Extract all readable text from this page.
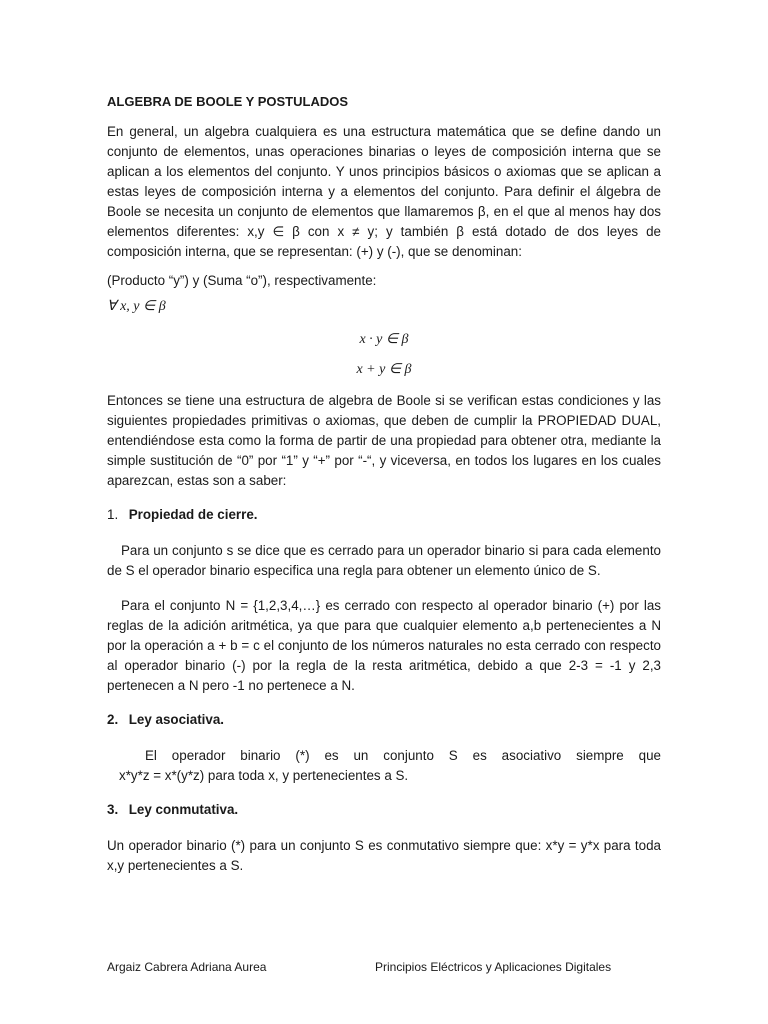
ALGEBRA DE BOOLE Y POSTULADOS

En general, un algebra cualquiera es una estructura matemática que se define dando un conjunto de elementos, unas operaciones binarias o leyes de composición interna que se aplican a los elementos del conjunto. Y unos principios básicos o axiomas que se aplican a estas leyes de composición interna y a elementos del conjunto. Para definir el álgebra de Boole se necesita un conjunto de elementos que llamaremos β, en el que al menos hay dos elementos diferentes: x,y ∈ β con x ≠ y; y también β está dotado de dos leyes de composición interna, que se representan: (+) y (-), que se denominan:

(Producto “y”) y (Suma “o”), respectivamente:

∀ x, y ∈ β
x · y ∈ β
x + y ∈ β

Entonces se tiene una estructura de algebra de Boole si se verifican estas condiciones y las siguientes propiedades primitivas o axiomas, que deben de cumplir la PROPIEDAD DUAL, entendiéndose esta como la forma de partir de una propiedad para obtener otra, mediante la simple sustitución de “0” por “1” y “+” por “-“, y viceversa, en todos los lugares en los cuales aparezcan, estas son a saber:

1. Propiedad de cierre.

Para un conjunto s se dice que es cerrado para un operador binario si para cada elemento de S el operador binario especifica una regla para obtener un elemento único de S.

Para el conjunto N = {1,2,3,4,…} es cerrado con respecto al operador binario (+) por las reglas de la adición aritmética, ya que para que cualquier elemento a,b pertenecientes a N por la operación a + b = c el conjunto de los números naturales no esta cerrado con respecto al operador binario (-) por la regla de la resta aritmética, debido a que 2-3 = -1 y 2,3 pertenecen a N pero -1 no pertenece a N.

2. Ley asociativa.

El operador binario (*) es un conjunto S es asociativo siempre que
x*y*z = x*(y*z) para toda x, y pertenecientes a S.

3. Ley conmutativa.

Un operador binario (*) para un conjunto S es conmutativo siempre que: x*y = y*x para toda x,y pertenecientes a S.

Argaiz Cabrera Adriana Aurea	Principios Eléctricos y Aplicaciones Digitales
